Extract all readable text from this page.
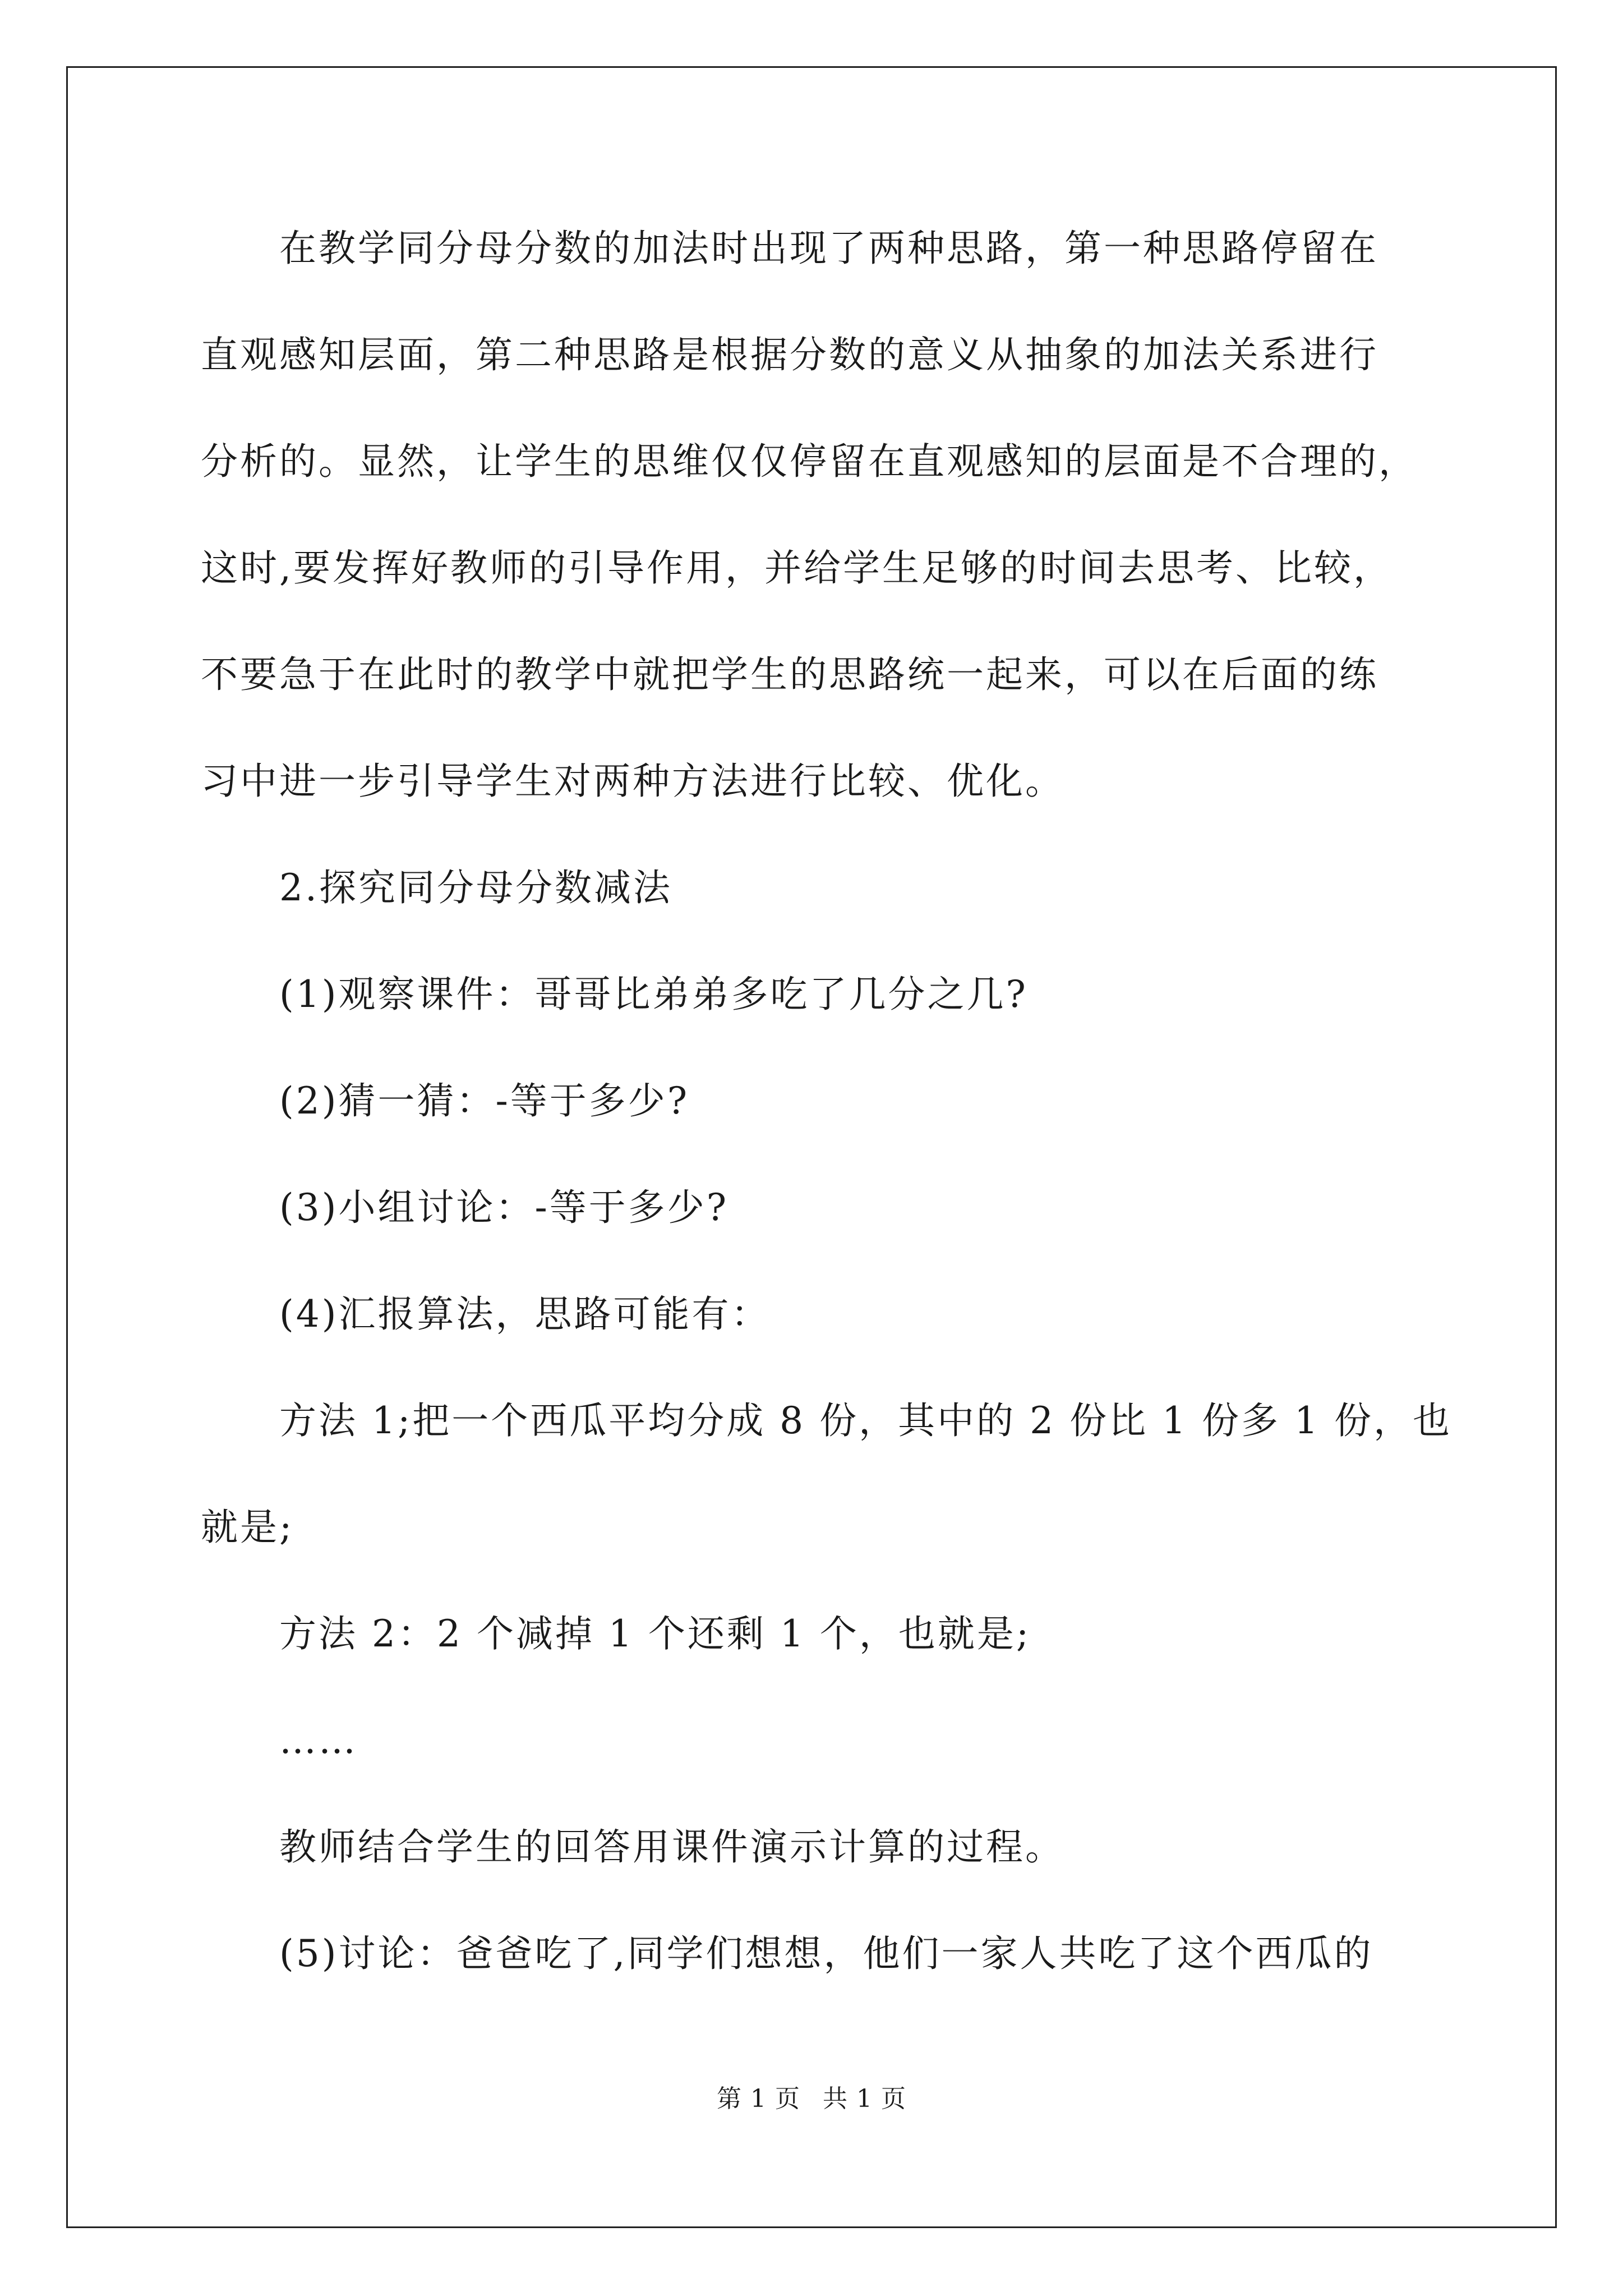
　　在教学同分母分数的加法时出现了两种思路，第一种思路停留在

直观感知层面，第二种思路是根据分数的意义从抽象的加法关系进行

分析的。显然，让学生的思维仅仅停留在直观感知的层面是不合理的，

这时,要发挥好教师的引导作用，并给学生足够的时间去思考、比较，

不要急于在此时的教学中就把学生的思路统一起来，可以在后面的练

习中进一步引导学生对两种方法进行比较、优化。

　　2.探究同分母分数减法

　　(1)观察课件：哥哥比弟弟多吃了几分之几?

　　(2)猜一猜：-等于多少?

　　(3)小组讨论：-等于多少?

　　(4)汇报算法，思路可能有：

　　方法 1;把一个西瓜平均分成 8 份，其中的 2 份比 1 份多 1 份，也

就是;

　　方法 2：2 个减掉 1 个还剩 1 个，也就是;

　　……

　　教师结合学生的回答用课件演示计算的过程。

　　(5)讨论：爸爸吃了,同学们想想，他们一家人共吃了这个西瓜的

第 1 页 共 1 页
